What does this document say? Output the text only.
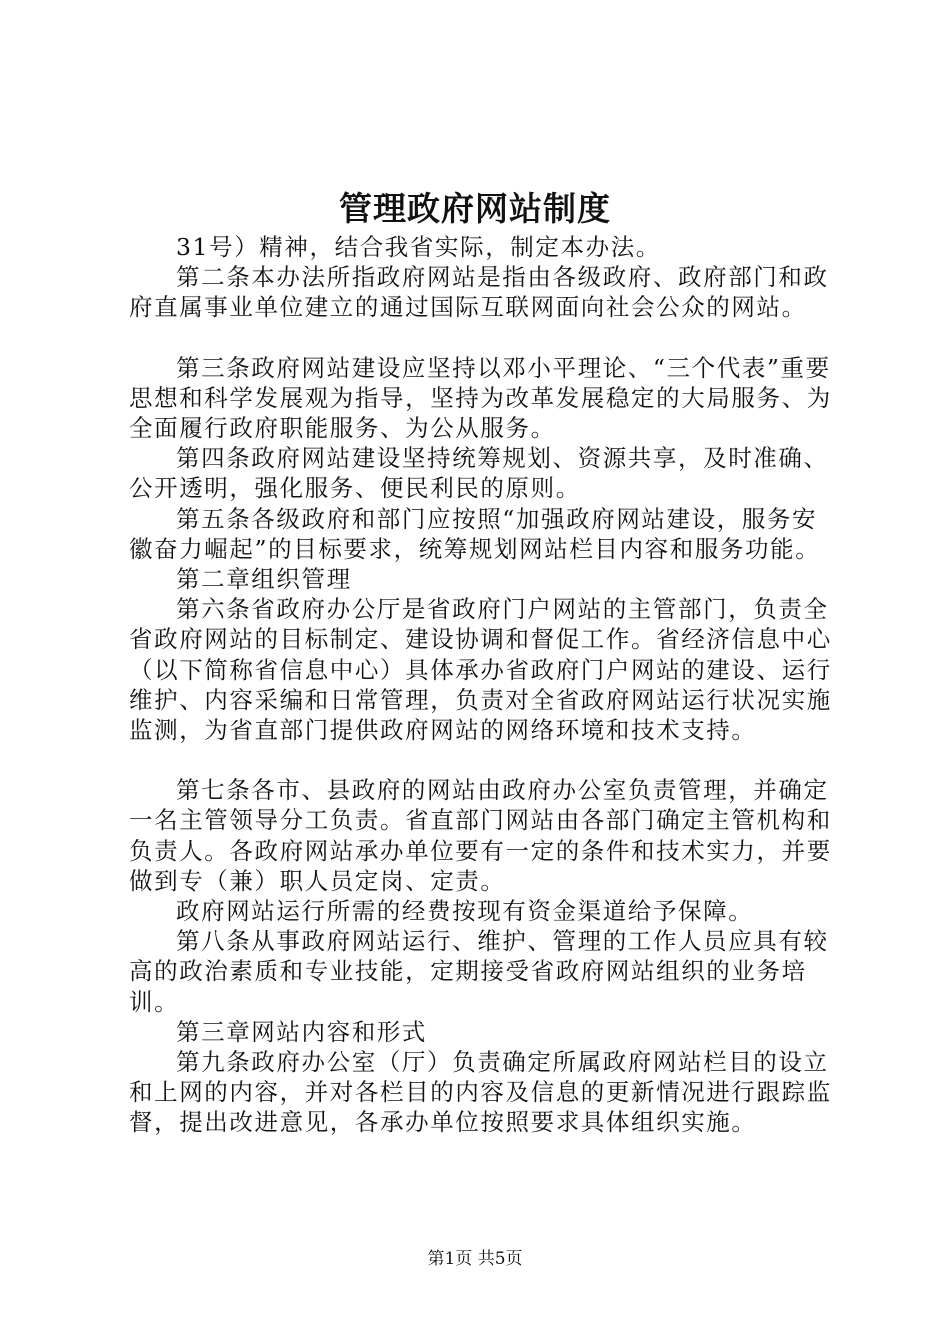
管理政府网站制度

31号）精神，结合我省实际，制定本办法。

第二条本办法所指政府网站是指由各级政府、政府部门和政府直属事业单位建立的通过国际互联网面向社会公众的网站。

第三条政府网站建设应坚持以邓小平理论、“三个代表”重要思想和科学发展观为指导，坚持为改革发展稳定的大局服务、为全面履行政府职能服务、为公从服务。

第四条政府网站建设坚持统筹规划、资源共享，及时准确、公开透明，强化服务、便民利民的原则。

第五条各级政府和部门应按照“加强政府网站建设，服务安徽奋力崛起”的目标要求，统筹规划网站栏目内容和服务功能。

第二章组织管理

第六条省政府办公厅是省政府门户网站的主管部门，负责全省政府网站的目标制定、建设协调和督促工作。省经济信息中心（以下简称省信息中心）具体承办省政府门户网站的建设、运行维护、内容采编和日常管理，负责对全省政府网站运行状况实施监测，为省直部门提供政府网站的网络环境和技术支持。

第七条各市、县政府的网站由政府办公室负责管理，并确定一名主管领导分工负责。省直部门网站由各部门确定主管机构和负责人。各政府网站承办单位要有一定的条件和技术实力，并要做到专（兼）职人员定岗、定责。

政府网站运行所需的经费按现有资金渠道给予保障。

第八条从事政府网站运行、维护、管理的工作人员应具有较高的政治素质和专业技能，定期接受省政府网站组织的业务培训。

第三章网站内容和形式

第九条政府办公室（厅）负责确定所属政府网站栏目的设立和上网的内容，并对各栏目的内容及信息的更新情况进行跟踪监督，提出改进意见，各承办单位按照要求具体组织实施。

第1页 共5页
